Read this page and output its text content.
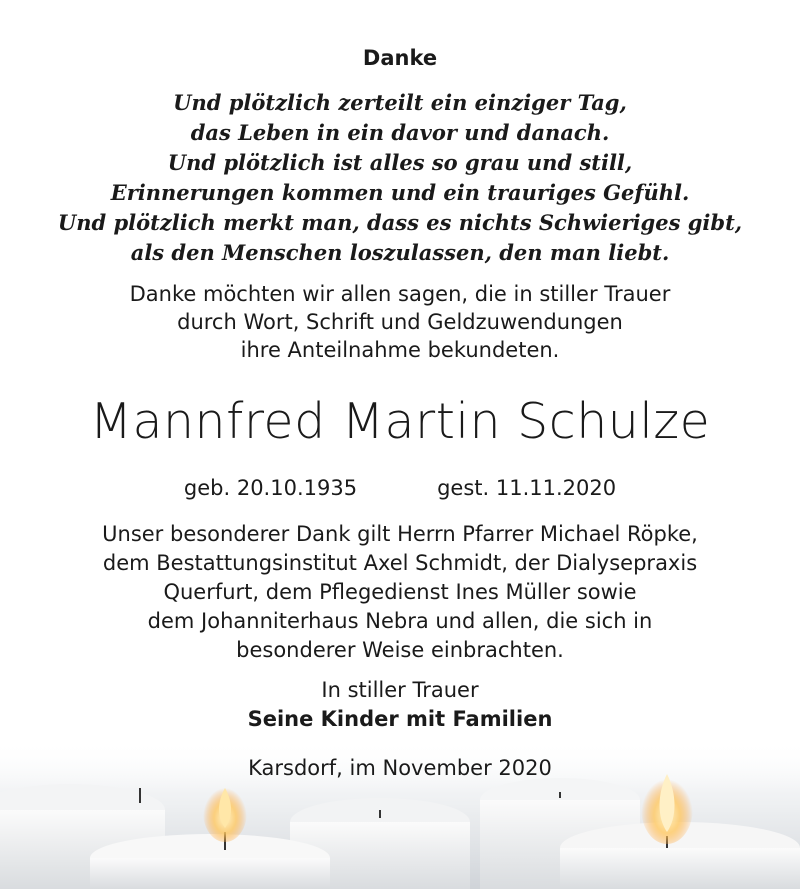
Danke
Und plötzlich zerteilt ein einziger Tag,
das Leben in ein davor und danach.
Und plötzlich ist alles so grau und still,
Erinnerungen kommen und ein trauriges Gefühl.
Und plötzlich merkt man, dass es nichts Schwieriges gibt,
als den Menschen loszulassen, den man liebt.
Danke möchten wir allen sagen, die in stiller Trauer
durch Wort, Schrift und Geldzuwendungen
ihre Anteilnahme bekundeten.
Mannfred Martin Schulze
geb. 20.10.1935	gest. 11.11.2020
Unser besonderer Dank gilt Herrn Pfarrer Michael Röpke,
dem Bestattungsinstitut Axel Schmidt, der Dialysepraxis
Querfurt, dem Pflegedienst Ines Müller sowie
dem Johanniterhaus Nebra und allen, die sich in
besonderer Weise einbrachten.
In stiller Trauer
Seine Kinder mit Familien
Karsdorf, im November 2020
